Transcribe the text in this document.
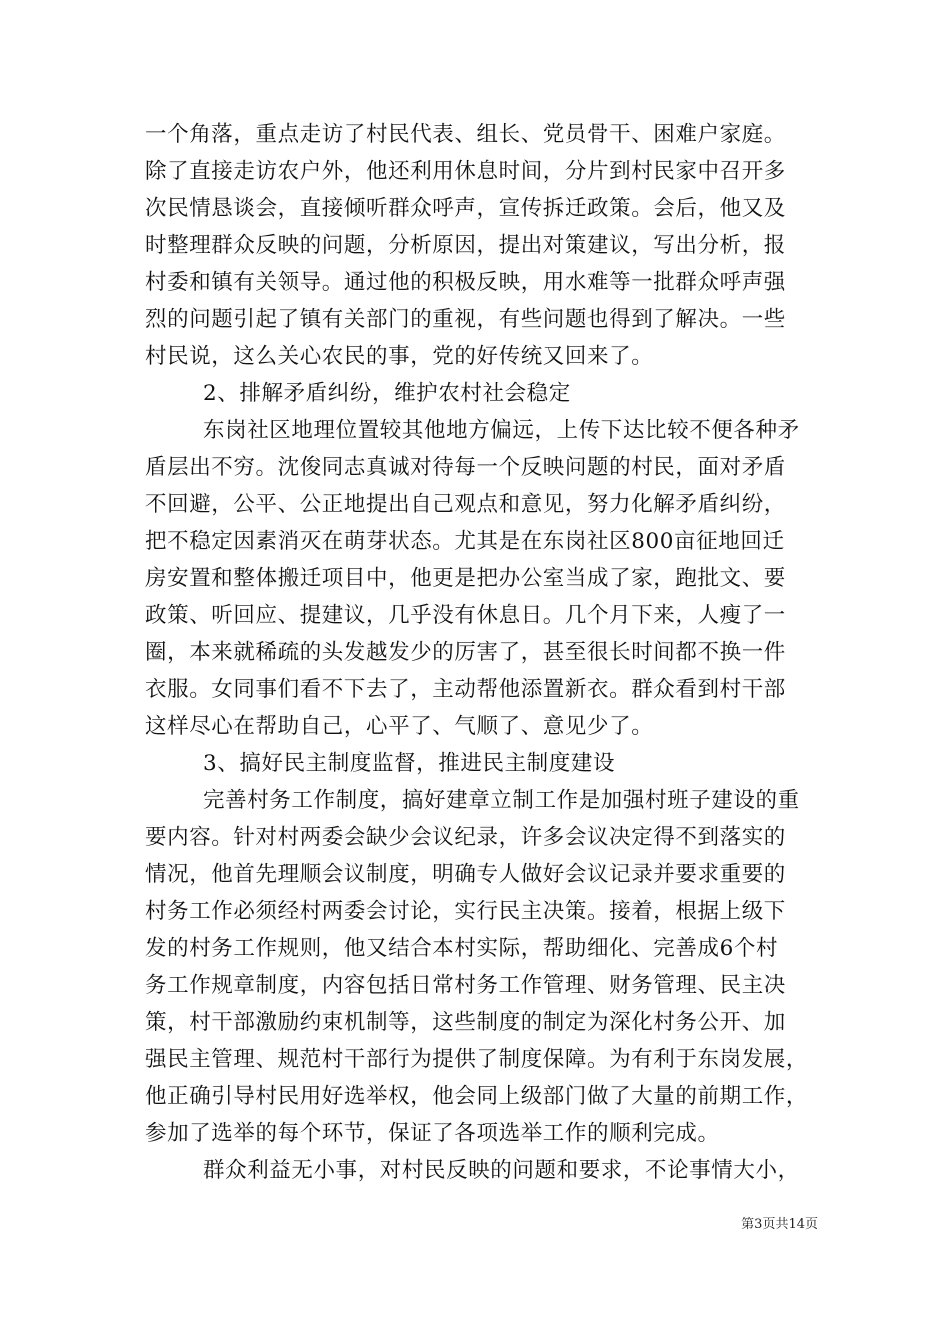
一个角落，重点走访了村民代表、组长、党员骨干、困难户家庭。
除了直接走访农户外，他还利用休息时间，分片到村民家中召开多
次民情恳谈会，直接倾听群众呼声，宣传拆迁政策。会后，他又及
时整理群众反映的问题，分析原因，提出对策建议，写出分析，报
村委和镇有关领导。通过他的积极反映，用水难等一批群众呼声强
烈的问题引起了镇有关部门的重视，有些问题也得到了解决。一些
村民说，这么关心农民的事，党的好传统又回来了。
2、排解矛盾纠纷，维护农村社会稳定
东岗社区地理位置较其他地方偏远，上传下达比较不便各种矛
盾层出不穷。沈俊同志真诚对待每一个反映问题的村民，面对矛盾
不回避，公平、公正地提出自己观点和意见，努力化解矛盾纠纷，
把不稳定因素消灭在萌芽状态。尤其是在东岗社区800亩征地回迁
房安置和整体搬迁项目中，他更是把办公室当成了家，跑批文、要
政策、听回应、提建议，几乎没有休息日。几个月下来，人瘦了一
圈，本来就稀疏的头发越发少的厉害了，甚至很长时间都不换一件
衣服。女同事们看不下去了，主动帮他添置新衣。群众看到村干部
这样尽心在帮助自己，心平了、气顺了、意见少了。
3、搞好民主制度监督，推进民主制度建设
完善村务工作制度，搞好建章立制工作是加强村班子建设的重
要内容。针对村两委会缺少会议纪录，许多会议决定得不到落实的
情况，他首先理顺会议制度，明确专人做好会议记录并要求重要的
村务工作必须经村两委会讨论，实行民主决策。接着，根据上级下
发的村务工作规则，他又结合本村实际，帮助细化、完善成6个村
务工作规章制度，内容包括日常村务工作管理、财务管理、民主决
策，村干部激励约束机制等，这些制度的制定为深化村务公开、加
强民主管理、规范村干部行为提供了制度保障。为有利于东岗发展，
他正确引导村民用好选举权，他会同上级部门做了大量的前期工作，
参加了选举的每个环节，保证了各项选举工作的顺利完成。
群众利益无小事，对村民反映的问题和要求，不论事情大小，
第3页共14页
